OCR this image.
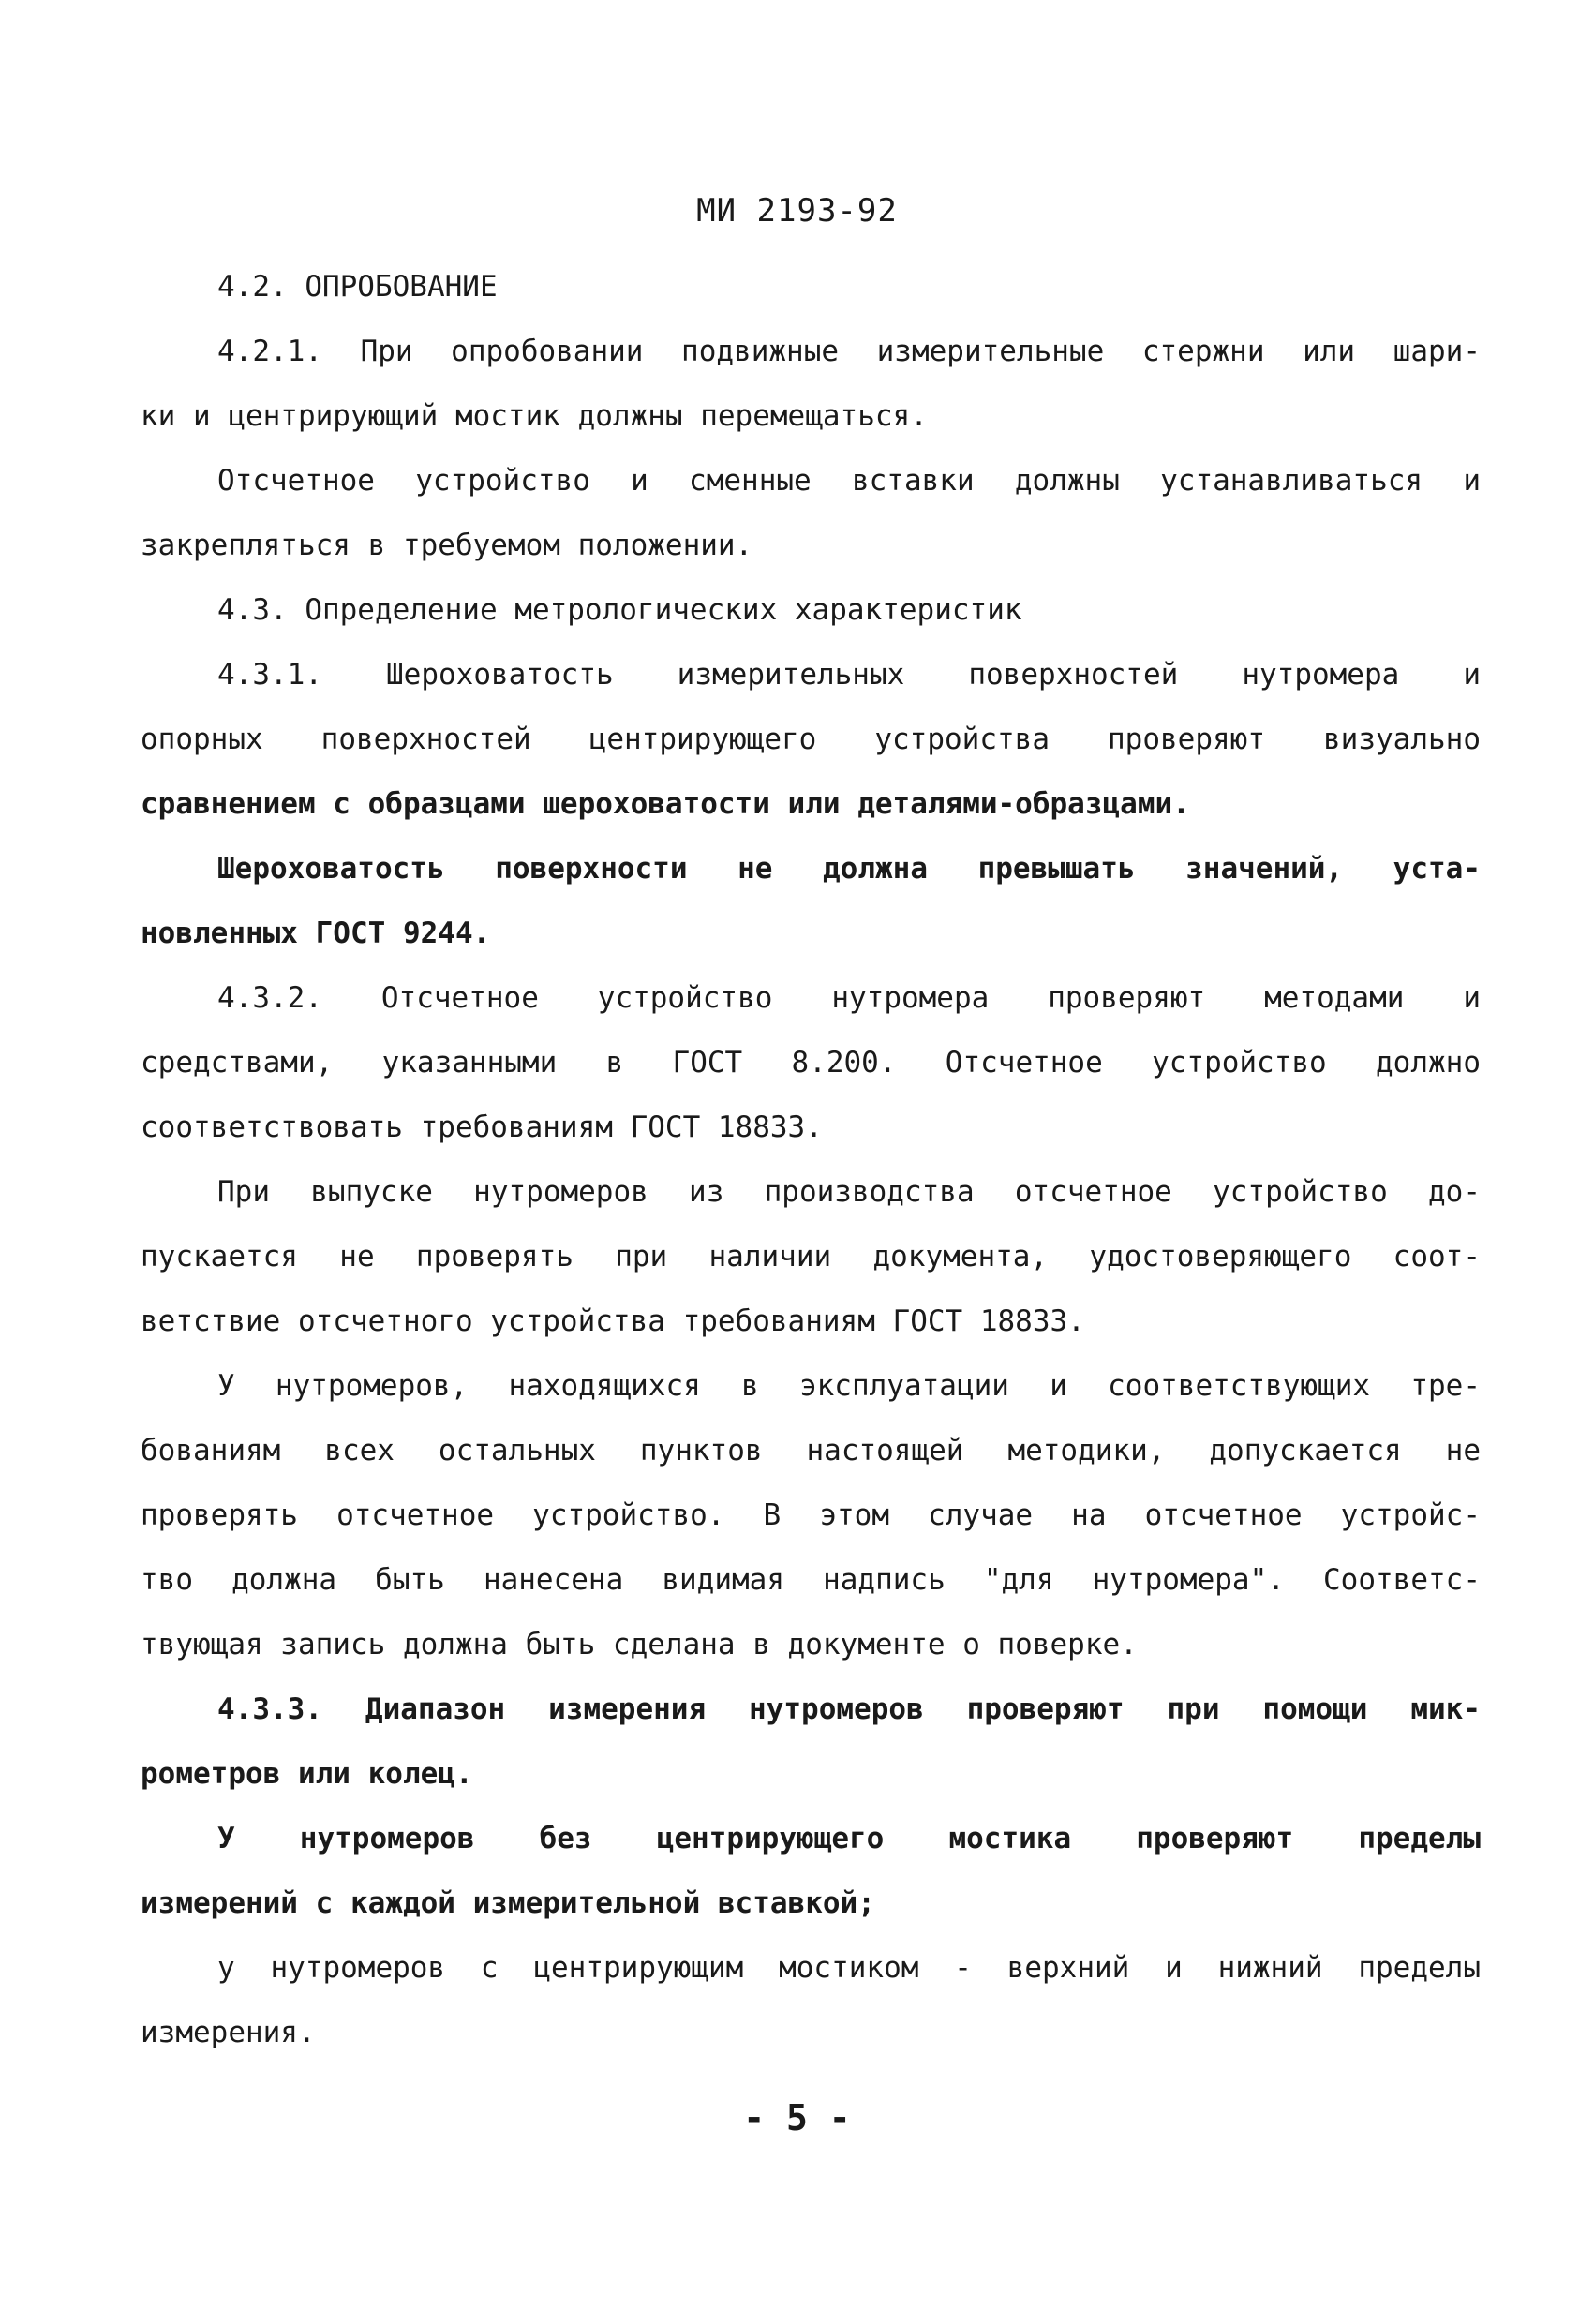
МИ 2193-92
4.2. ОПРОБОВАНИЕ
4.2.1. При опробовании подвижные измерительные стержни или шари-
ки и центрирующий мостик должны перемещаться.
Отсчетное устройство и сменные вставки должны устанавливаться и
закрепляться в требуемом положении.
4.3. Определение метрологических характеристик
4.3.1. Шероховатость измерительных поверхностей нутромера и
опорных поверхностей центрирующего устройства проверяют визуально
сравнением с образцами шероховатости или деталями-образцами.
Шероховатость поверхности не должна превышать значений, уста-
новленных ГОСТ 9244.
4.3.2. Отсчетное устройство нутромера проверяют методами и
средствами, указанными в ГОСТ 8.200. Отсчетное устройство должно
соответствовать требованиям ГОСТ 18833.
При выпуске нутромеров из производства отсчетное устройство до-
пускается не проверять при наличии документа, удостоверяющего соот-
ветствие отсчетного устройства требованиям ГОСТ 18833.
У нутромеров, находящихся в эксплуатации и соответствующих тре-
бованиям всех остальных пунктов настоящей методики, допускается не
проверять отсчетное устройство. В этом случае на отсчетное устройс-
тво должна быть нанесена видимая надпись "для нутромера". Соответс-
твующая запись должна быть сделана в документе о поверке.
4.3.3. Диапазон измерения нутромеров проверяют при помощи мик-
рометров или колец.
У нутромеров без центрирующего мостика проверяют пределы
измерений с каждой измерительной вставкой;
у нутромеров с центрирующим мостиком - верхний и нижний пределы
измерения.
- 5 -
